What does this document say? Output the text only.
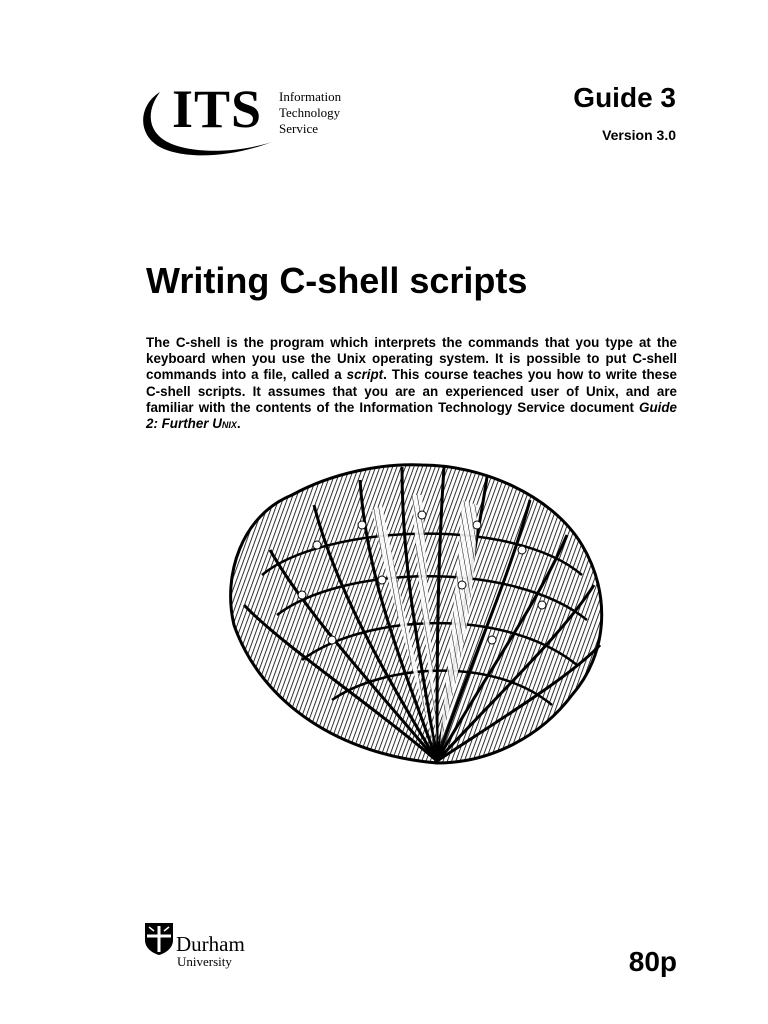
ITS Information
Technology
Service
Guide 3
Version 3.0
Writing C-shell scripts

The C-shell is the program which interprets the commands that you type at the keyboard when you use the Unix operating system. It is possible to put C-shell commands into a file, called a script. This course teaches you how to write these C-shell scripts. It assumes that you are an experienced user of Unix, and are familiar with the contents of the Information Technology Service document Guide 2: Further Unix.

Durham
University	80p
